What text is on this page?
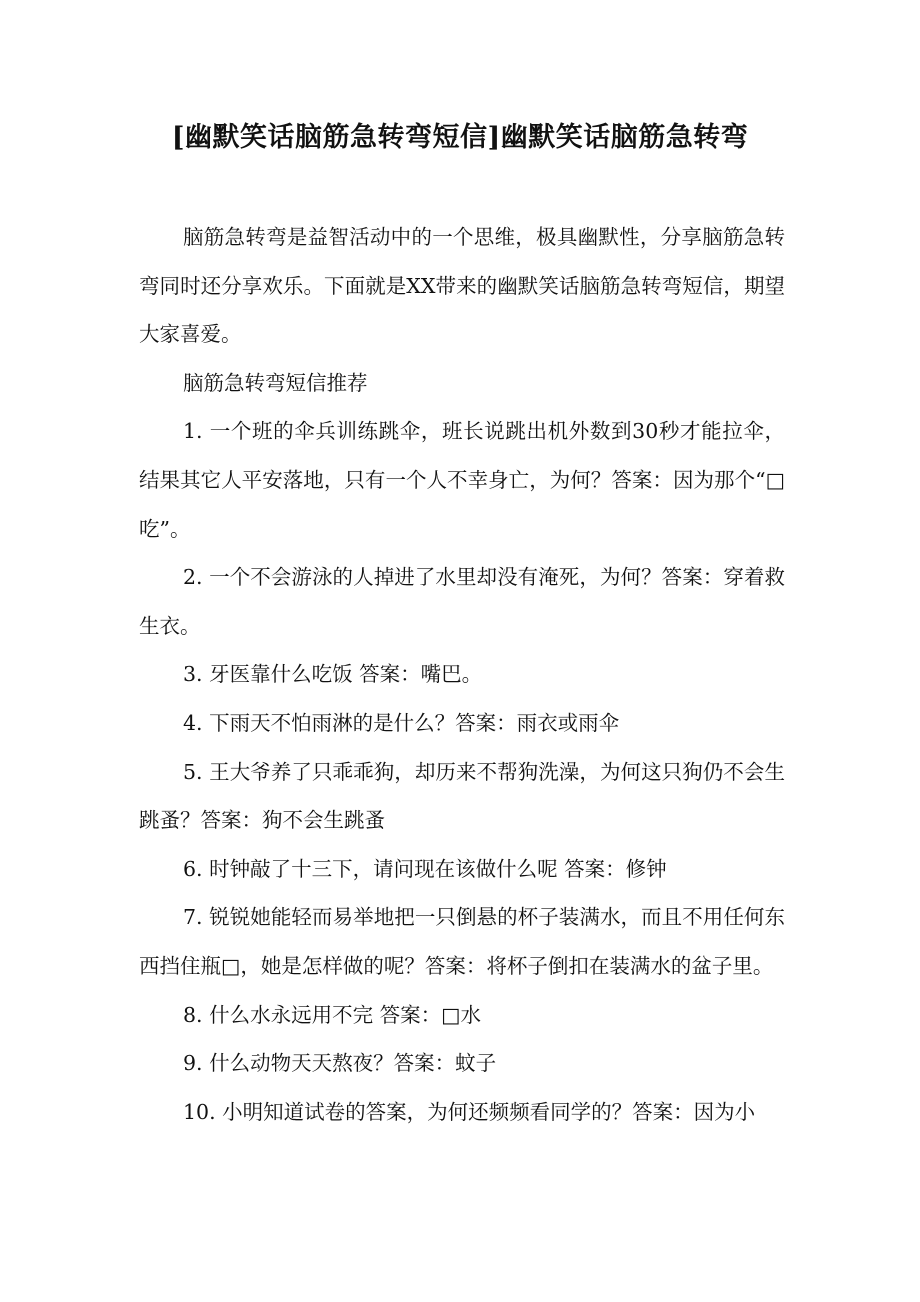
[幽默笑话脑筋急转弯短信]幽默笑话脑筋急转弯

脑筋急转弯是益智活动中的一个思维，极具幽默性，分享脑筋急转弯同时还分享欢乐。下面就是XX带来的幽默笑话脑筋急转弯短信，期望大家喜爱。

脑筋急转弯短信推荐

1. 一个班的伞兵训练跳伞，班长说跳出机外数到30秒才能拉伞，结果其它人平安落地，只有一个人不幸身亡，为何？答案：因为那个“□吃”。

2. 一个不会游泳的人掉进了水里却没有淹死，为何？答案：穿着救生衣。

3. 牙医靠什么吃饭 答案：嘴巴。

4. 下雨天不怕雨淋的是什么？答案：雨衣或雨伞

5. 王大爷养了只乖乖狗，却历来不帮狗洗澡，为何这只狗仍不会生跳蚤？答案：狗不会生跳蚤

6. 时钟敲了十三下，请问现在该做什么呢 答案：修钟

7. 锐锐她能轻而易举地把一只倒悬的杯子装满水，而且不用任何东西挡住瓶□，她是怎样做的呢？答案：将杯子倒扣在装满水的盆子里。

8. 什么水永远用不完 答案：□水

9. 什么动物天天熬夜？答案：蚊子

10. 小明知道试卷的答案，为何还频频看同学的？答案：因为小
